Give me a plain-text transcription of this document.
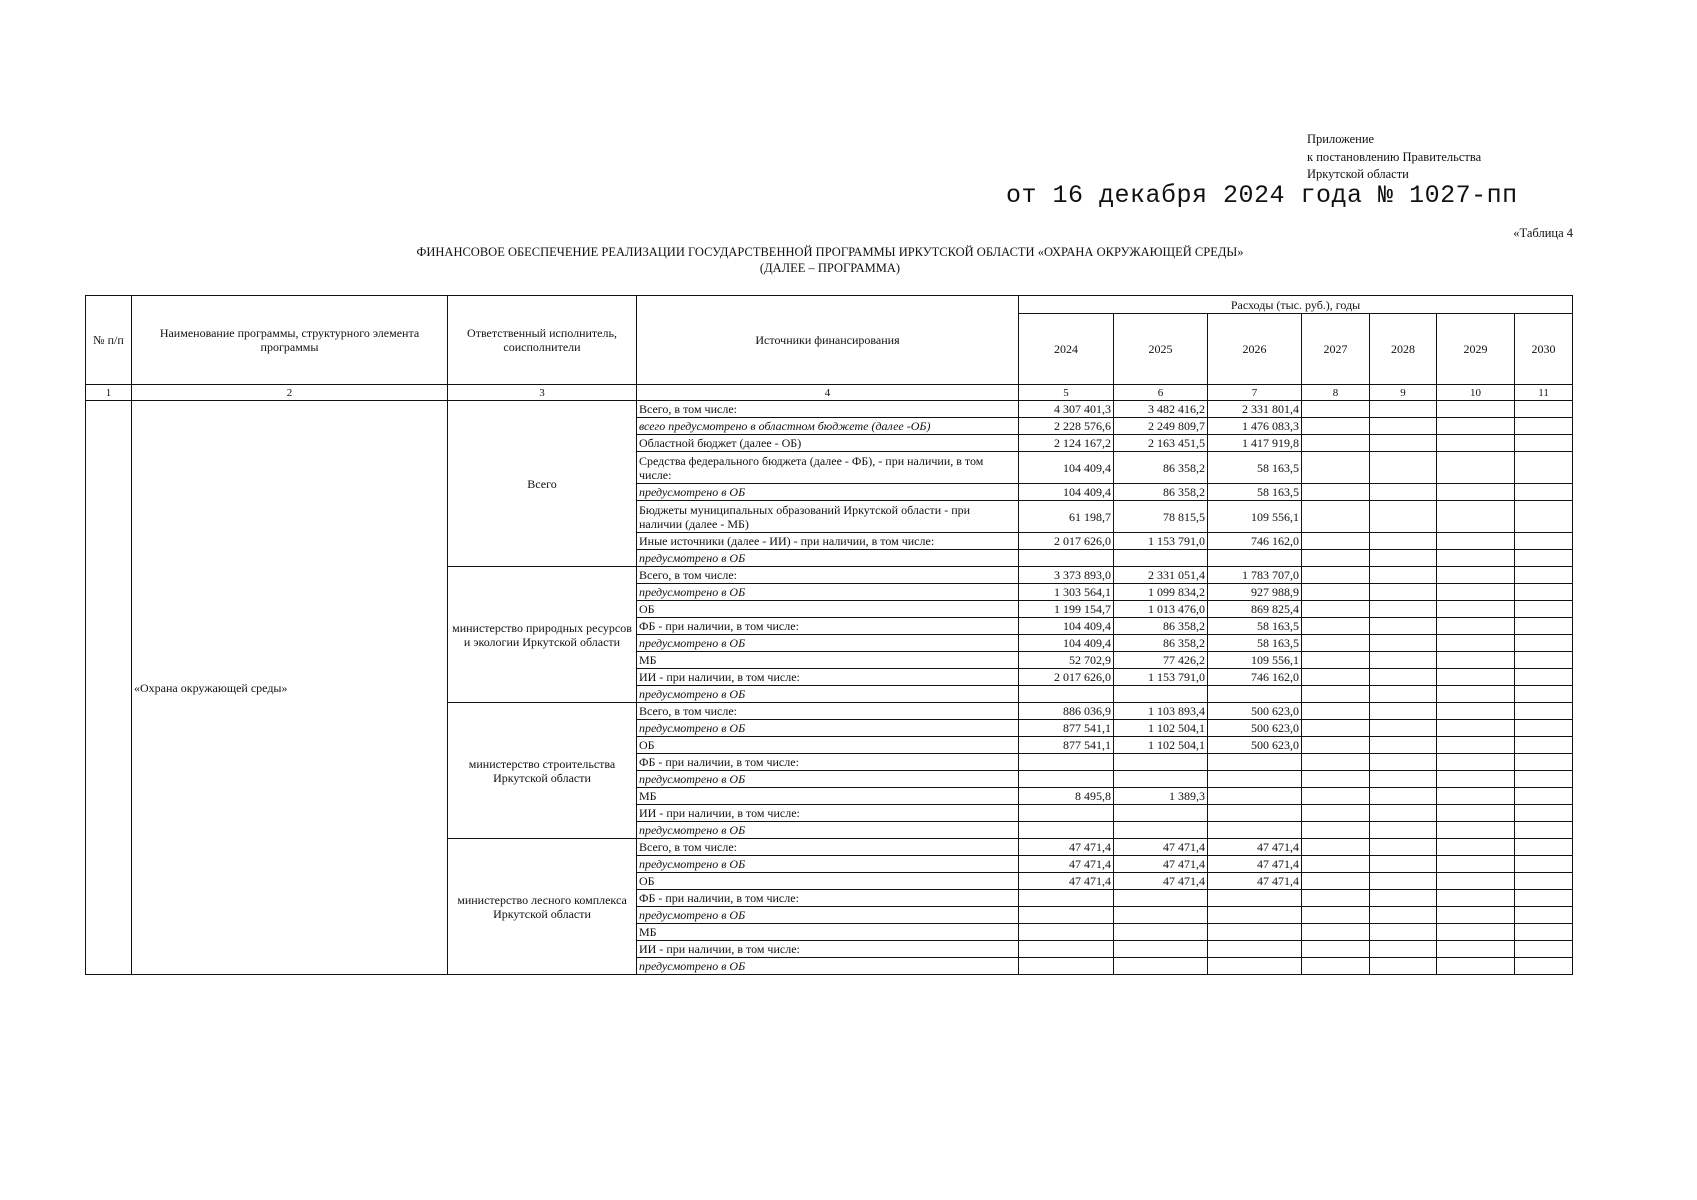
Приложение
к постановлению Правительства
Иркутской области
от 16 декабря 2024 года № 1027-пп
«Таблица 4
ФИНАНСОВОЕ ОБЕСПЕЧЕНИЕ РЕАЛИЗАЦИИ ГОСУДАРСТВЕННОЙ ПРОГРАММЫ ИРКУТСКОЙ ОБЛАСТИ «ОХРАНА ОКРУЖАЮЩЕЙ СРЕДЫ»
(ДАЛЕЕ – ПРОГРАММА)
№ п/п	Наименование программы, структурного элемента программы	Ответственный исполнитель, соисполнители	Источники финансирования	Расходы (тыс. руб.), годы						
				2024	2025	2026	2027	2028	2029	2030
1	2	3	4	5	6	7	8	9	10	11
	«Охрана окружающей среды»	Всего	Всего, в том числе:	4 307 401,3	3 482 416,2	2 331 801,4				
			всего предусмотрено в областном бюджете (далее -ОБ)	2 228 576,6	2 249 809,7	1 476 083,3				
			Областной бюджет (далее - ОБ)	2 124 167,2	2 163 451,5	1 417 919,8				
			Средства федерального бюджета (далее - ФБ), - при наличии, в том числе:	104 409,4	86 358,2	58 163,5				
			предусмотрено в ОБ	104 409,4	86 358,2	58 163,5				
			Бюджеты муниципальных образований Иркутской области - при наличии (далее - МБ)	61 198,7	78 815,5	109 556,1				
			Иные источники (далее - ИИ) - при наличии, в том числе:	2 017 626,0	1 153 791,0	746 162,0				
			предусмотрено в ОБ							
		министерство природных ресурсов и экологии Иркутской области	Всего, в том числе:	3 373 893,0	2 331 051,4	1 783 707,0				
			предусмотрено в ОБ	1 303 564,1	1 099 834,2	927 988,9				
			ОБ	1 199 154,7	1 013 476,0	869 825,4				
			ФБ - при наличии, в том числе:	104 409,4	86 358,2	58 163,5				
			предусмотрено в ОБ	104 409,4	86 358,2	58 163,5				
			МБ	52 702,9	77 426,2	109 556,1				
			ИИ - при наличии, в том числе:	2 017 626,0	1 153 791,0	746 162,0				
			предусмотрено в ОБ							
		министерство строительства Иркутской области	Всего, в том числе:	886 036,9	1 103 893,4	500 623,0				
			предусмотрено в ОБ	877 541,1	1 102 504,1	500 623,0				
			ОБ	877 541,1	1 102 504,1	500 623,0				
			ФБ - при наличии, в том числе:							
			предусмотрено в ОБ							
			МБ	8 495,8	1 389,3					
			ИИ - при наличии, в том числе:							
			предусмотрено в ОБ							
		министерство лесного комплекса Иркутской области	Всего, в том числе:	47 471,4	47 471,4	47 471,4				
			предусмотрено в ОБ	47 471,4	47 471,4	47 471,4				
			ОБ	47 471,4	47 471,4	47 471,4				
			ФБ - при наличии, в том числе:							
			предусмотрено в ОБ							
			МБ							
			ИИ - при наличии, в том числе:							
			предусмотрено в ОБ							
